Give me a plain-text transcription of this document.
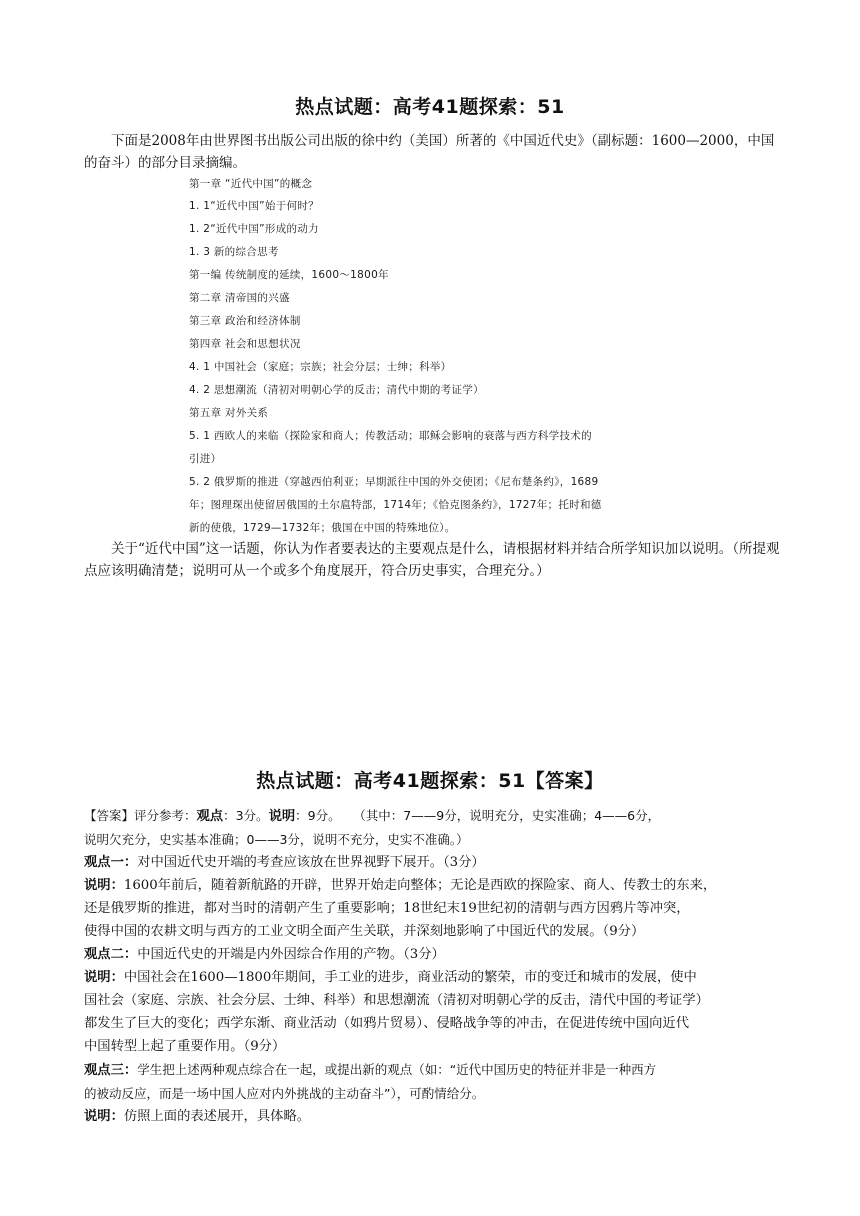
热点试题：高考41题探索：51
下面是2008年由世界图书出版公司出版的徐中约（美国）所著的《中国近代史》（副标题：1600—2000，中国的奋斗）的部分目录摘编。
第一章 “近代中国”的概念
1. 1“近代中国”始于何时？
1. 2“近代中国”形成的动力
1. 3 新的综合思考
第一编 传统制度的延续，1600～1800年
第二章 清帝国的兴盛
第三章 政治和经济体制
第四章 社会和思想状况
4. 1 中国社会（家庭；宗族；社会分层；士绅；科举）
4. 2 思想潮流（清初对明朝心学的反击；清代中期的考证学）
第五章 对外关系
5. 1 西欧人的来临（探险家和商人；传教活动；耶稣会影响的衰落与西方科学技术的
引进）
5. 2 俄罗斯的推进（穿越西伯利亚；早期派往中国的外交使团；《尼布楚条约》，1689
年；图理琛出使留居俄国的土尔扈特部，1714年；《恰克图条约》，1727年；托时和德
新的使俄，1729—1732年；俄国在中国的特殊地位）。
关于“近代中国”这一话题，你认为作者要表达的主要观点是什么，请根据材料并结合所学知识加以说明。（所提观点应该明确清楚；说明可从一个或多个角度展开，符合历史事实，合理充分。）
热点试题：高考41题探索：51【答案】

【答案】评分参考：观点：3分。说明：9分。 （其中：7——9分，说明充分，史实准确；4——6分，

说明欠充分，史实基本准确；0——3分，说明不充分，史实不准确。）

观点一：对中国近代史开端的考查应该放在世界视野下展开。（3分）

说明：1600年前后，随着新航路的开辟，世界开始走向整体；无论是西欧的探险家、商人、传教士的东来，

还是俄罗斯的推进，都对当时的清朝产生了重要影响；18世纪末19世纪初的清朝与西方因鸦片等冲突，

使得中国的农耕文明与西方的工业文明全面产生关联，并深刻地影响了中国近代的发展。（9分）

观点二：中国近代史的开端是内外因综合作用的产物。（3分）

说明：中国社会在1600—1800年期间，手工业的进步，商业活动的繁荣，市的变迁和城市的发展，使中

国社会（家庭、宗族、社会分层、士绅、科举）和思想潮流（清初对明朝心学的反击，清代中国的考证学）

都发生了巨大的变化；西学东渐、商业活动（如鸦片贸易）、侵略战争等的冲击，在促进传统中国向近代

中国转型上起了重要作用。（9分）

观点三：学生把上述两种观点综合在一起，或提出新的观点（如：“近代中国历史的特征并非是一种西方

的被动反应，而是一场中国人应对内外挑战的主动奋斗”），可酌情给分。

说明：仿照上面的表述展开，具体略。
